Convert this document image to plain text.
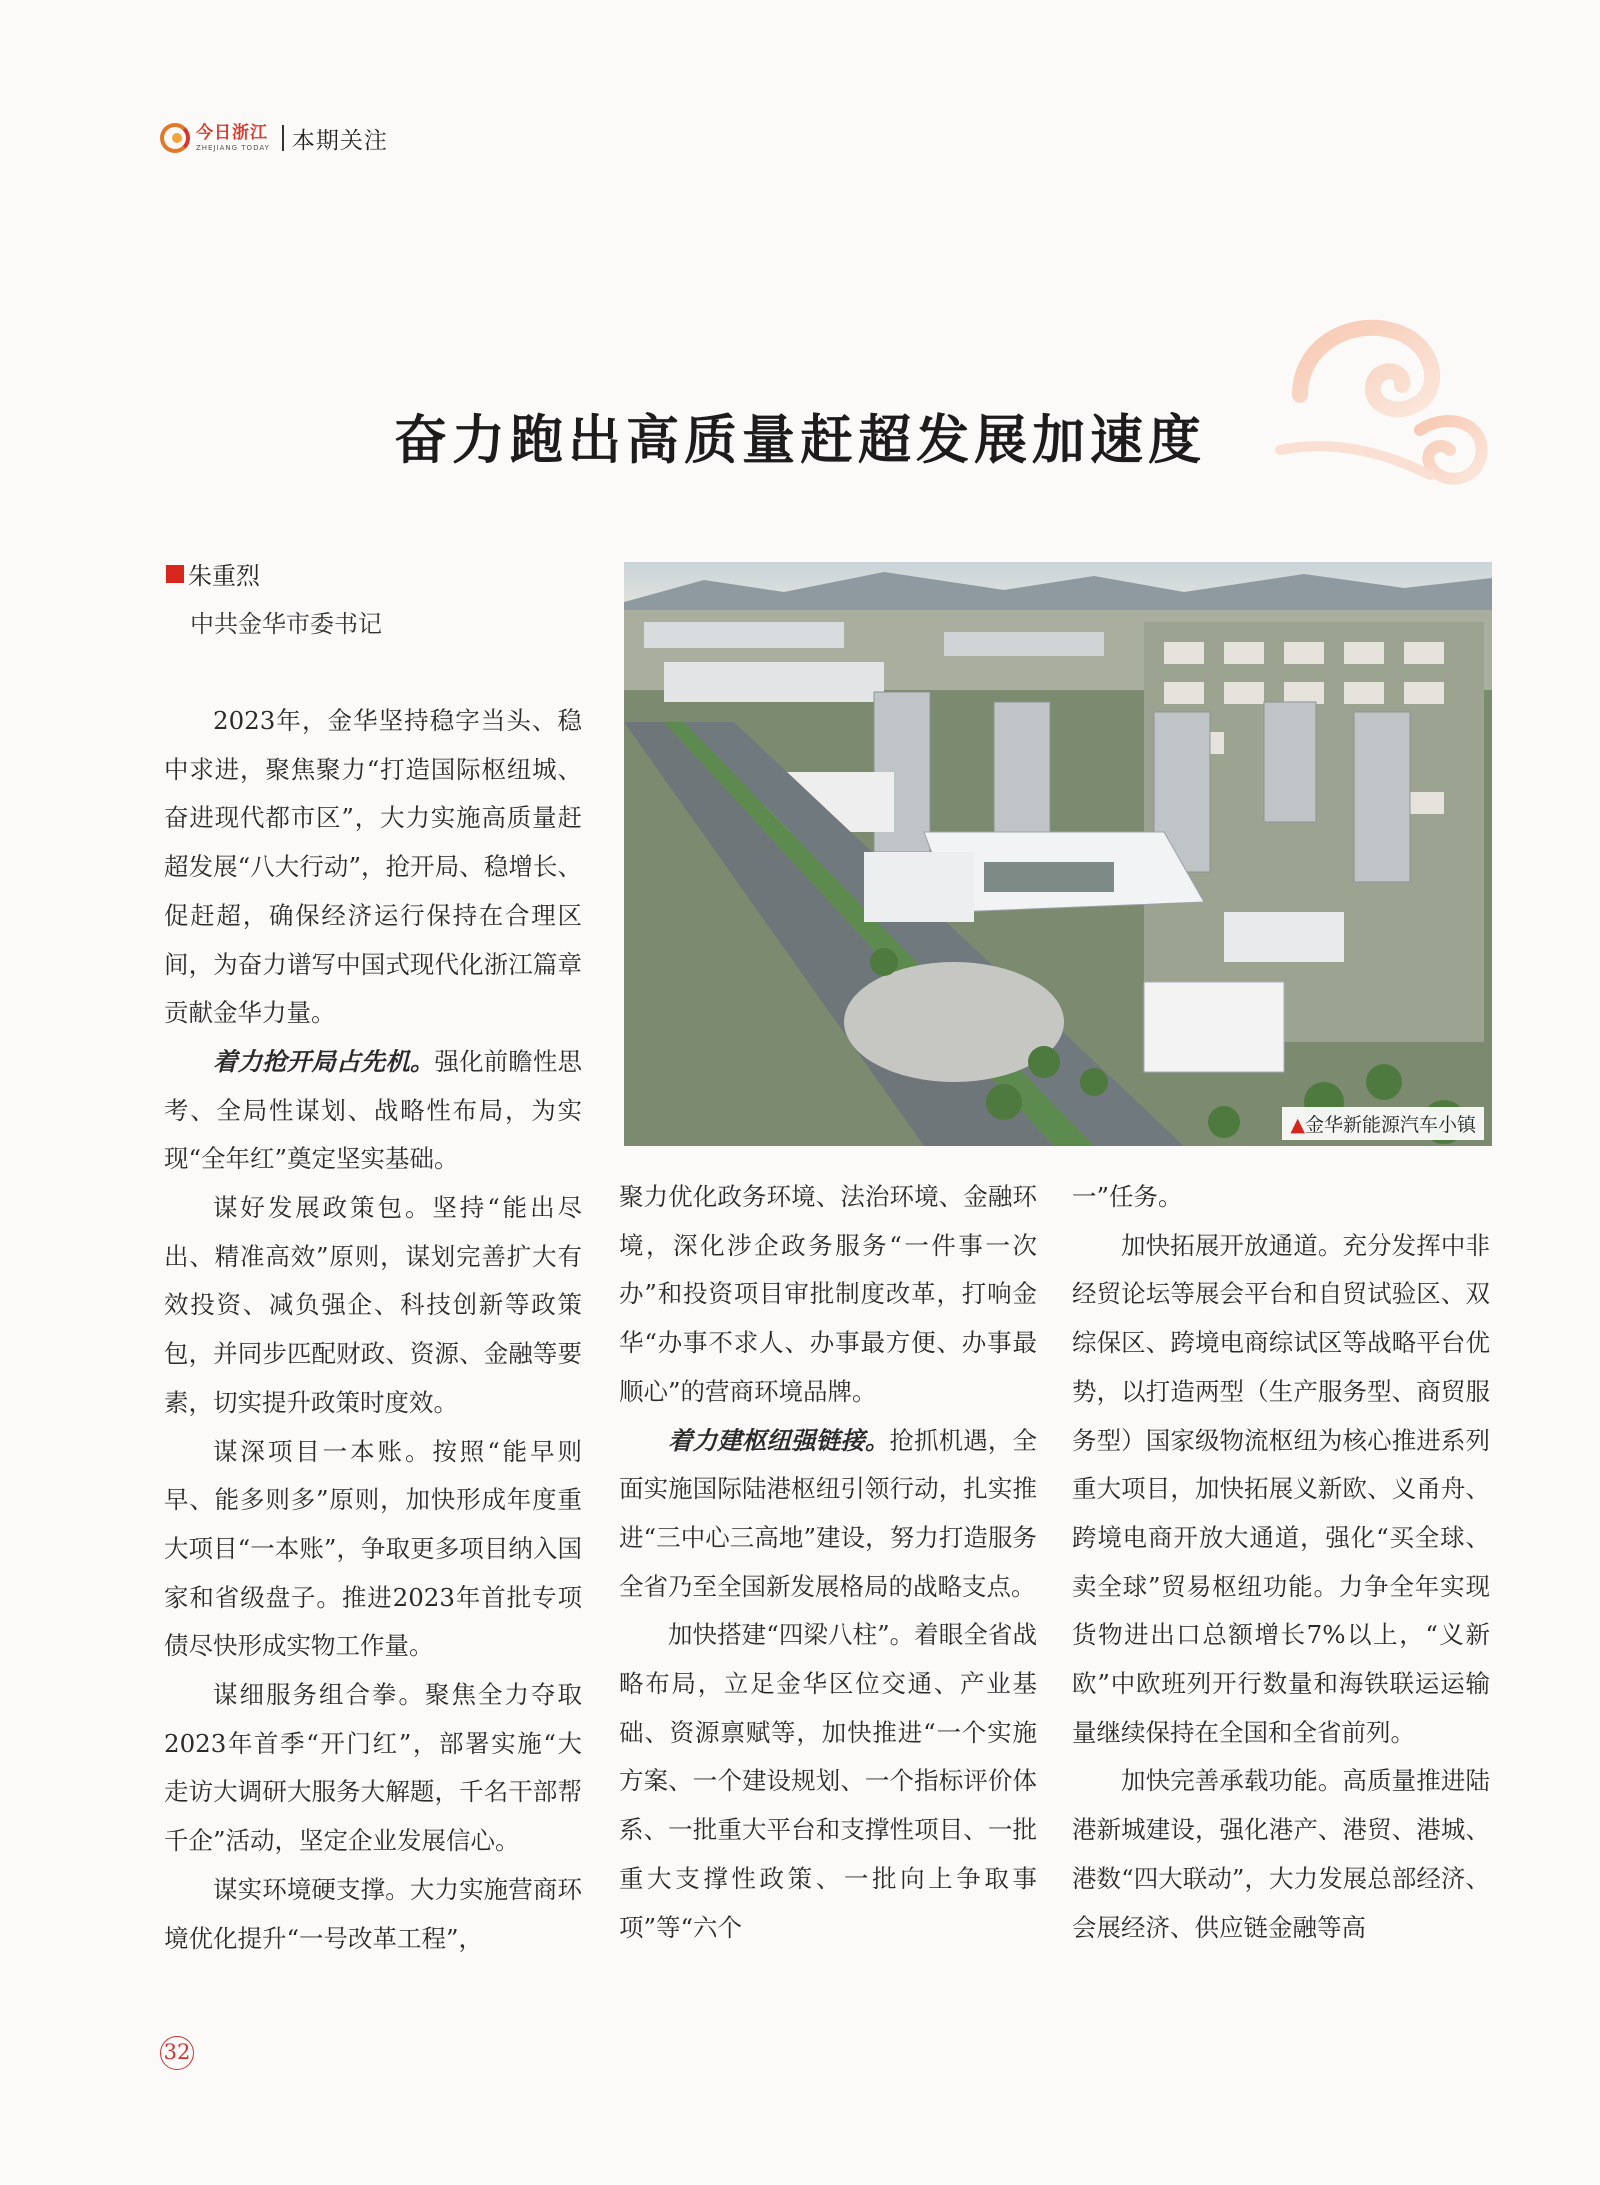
今日浙江
ZHEJIANG TODAY 本期关注
奋力跑出高质量赶超发展加速度
朱重烈
中共金华市委书记
▲金华新能源汽车小镇

2023年，金华坚持稳字当头、稳中求进，聚焦聚力“打造国际枢纽城、奋进现代都市区”，大力实施高质量赶超发展“八大行动”，抢开局、稳增长、促赶超，确保经济运行保持在合理区间，为奋力谱写中国式现代化浙江篇章贡献金华力量。

着力抢开局占先机。强化前瞻性思考、全局性谋划、战略性布局，为实现“全年红”奠定坚实基础。

谋好发展政策包。坚持“能出尽出、精准高效”原则，谋划完善扩大有效投资、减负强企、科技创新等政策包，并同步匹配财政、资源、金融等要素，切实提升政策时度效。

谋深项目一本账。按照“能早则早、能多则多”原则，加快形成年度重大项目“一本账”，争取更多项目纳入国家和省级盘子。推进2023年首批专项债尽快形成实物工作量。

谋细服务组合拳。聚焦全力夺取2023年首季“开门红”，部署实施“大走访大调研大服务大解题，千名干部帮千企”活动，坚定企业发展信心。

谋实环境硬支撑。大力实施营商环境优化提升“一号改革工程”，

聚力优化政务环境、法治环境、金融环境，深化涉企政务服务“一件事一次办”和投资项目审批制度改革，打响金华“办事不求人、办事最方便、办事最顺心”的营商环境品牌。

着力建枢纽强链接。抢抓机遇，全面实施国际陆港枢纽引领行动，扎实推进“三中心三高地”建设，努力打造服务全省乃至全国新发展格局的战略支点。

加快搭建“四梁八柱”。着眼全省战略布局，立足金华区位交通、产业基础、资源禀赋等，加快推进“一个实施方案、一个建设规划、一个指标评价体系、一批重大平台和支撑性项目、一批重大支撑性政策、一批向上争取事项”等“六个

一”任务。

加快拓展开放通道。充分发挥中非经贸论坛等展会平台和自贸试验区、双综保区、跨境电商综试区等战略平台优势，以打造两型（生产服务型、商贸服务型）国家级物流枢纽为核心推进系列重大项目，加快拓展义新欧、义甬舟、跨境电商开放大通道，强化“买全球、卖全球”贸易枢纽功能。力争全年实现货物进出口总额增长7%以上，“义新欧”中欧班列开行数量和海铁联运运输量继续保持在全国和全省前列。

加快完善承载功能。高质量推进陆港新城建设，强化港产、港贸、港城、港数“四大联动”，大力发展总部经济、会展经济、供应链金融等高

32
